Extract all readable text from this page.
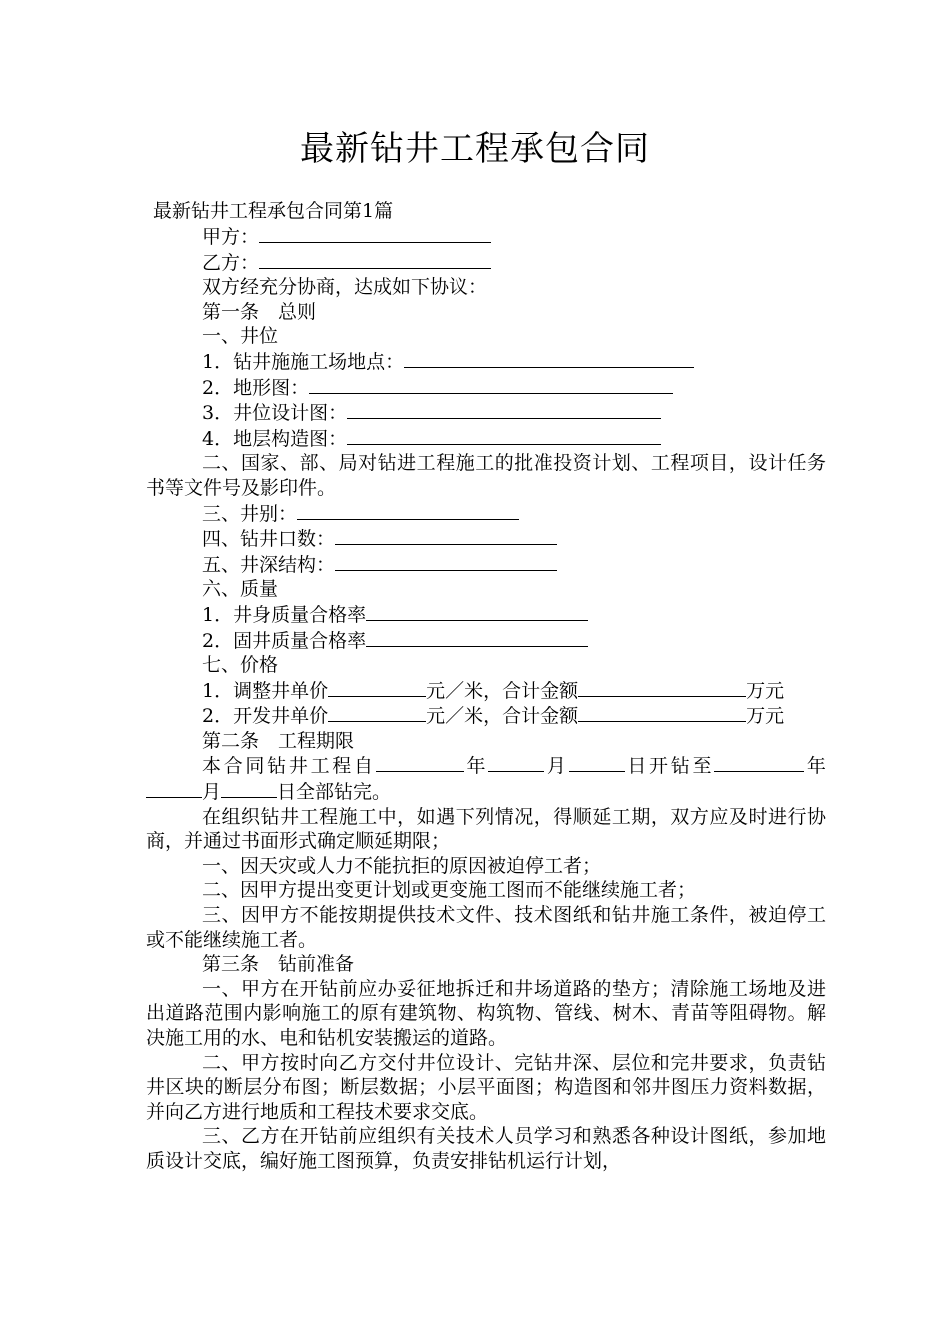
最新钻井工程承包合同
最新钻井工程承包合同第1篇

甲方：

乙方：

双方经充分协商，达成如下协议：

第一条　总则

一、井位

1．钻井施施工场地点：

2．地形图：

3．井位设计图：

4．地层构造图：

二、国家、部、局对钻进工程施工的批准投资计划、工程项目，设计任务书等文件号及影印件。

三、井别：

四、钻井口数：

五、井深结构：

六、质量

1．井身质量合格率

2．固井质量合格率

七、价格

1．调整井单价	元／米，合计金额	万元

2．开发井单价	元／米，合计金额	万元

第二条　工程期限

本合同钻井工程自	年	月	日开钻至	年月	日全部钻完。

在组织钻井工程施工中，如遇下列情况，得顺延工期，双方应及时进行协商，并通过书面形式确定顺延期限；

一、因天灾或人力不能抗拒的原因被迫停工者；

二、因甲方提出变更计划或更变施工图而不能继续施工者；

三、因甲方不能按期提供技术文件、技术图纸和钻井施工条件，被迫停工或不能继续施工者。

第三条　钻前准备

一、甲方在开钻前应办妥征地拆迁和井场道路的垫方；清除施工场地及进出道路范围内影响施工的原有建筑物、构筑物、管线、树木、青苗等阻碍物。解决施工用的水、电和钻机安装搬运的道路。

二、甲方按时向乙方交付井位设计、完钻井深、层位和完井要求，负责钻井区块的断层分布图；断层数据；小层平面图；构造图和邻井图压力资料数据，并向乙方进行地质和工程技术要求交底。

三、乙方在开钻前应组织有关技术人员学习和熟悉各种设计图纸，参加地质设计交底，编好施工图预算，负责安排钻机运行计划，
